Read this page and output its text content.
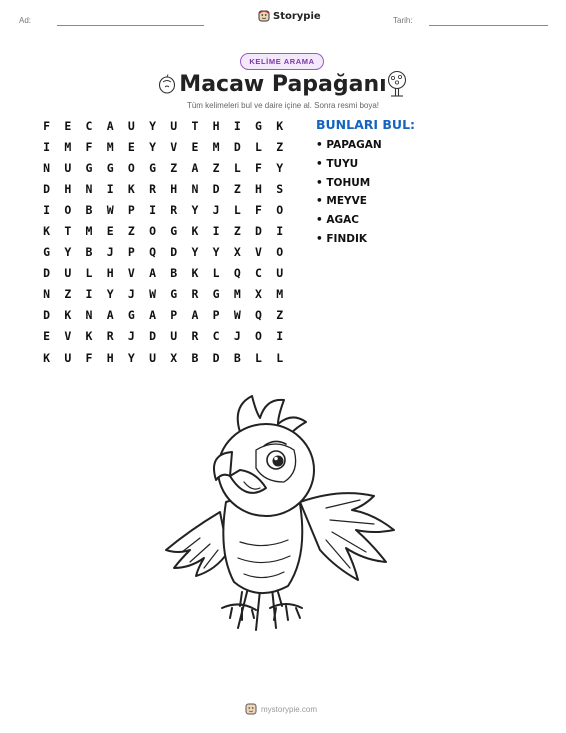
Ad:	Storypie	Tarih:
KELİME ARAMA
Macaw Papağanı
Tüm kelimeleri bul ve daire içine al. Sonra resmi boya!
F	E	C	A	U	Y	U	T	H	I	G	K
I	M	F	M	E	Y	V	E	M	D	L	Z
N	U	G	G	O	G	Z	A	Z	L	F	Y
D	H	N	I	K	R	H	N	D	Z	H	S
I	O	B	W	P	I	R	Y	J	L	F	O
K	T	M	E	Z	O	G	K	I	Z	D	I
G	Y	B	J	P	Q	D	Y	Y	X	V	O
D	U	L	H	V	A	B	K	L	Q	C	U
N	Z	I	Y	J	W	G	R	G	M	X	M
D	K	N	A	G	A	P	A	P	W	Q	Z
E	V	K	R	J	D	U	R	C	J	O	I
K	U	F	H	Y	U	X	B	D	B	L	L
BUNLARI BUL:
• PAPAGAN
• TUYU
• TOHUM
• MEYVE
• AGAC
• FINDIK
mystorypie.com
